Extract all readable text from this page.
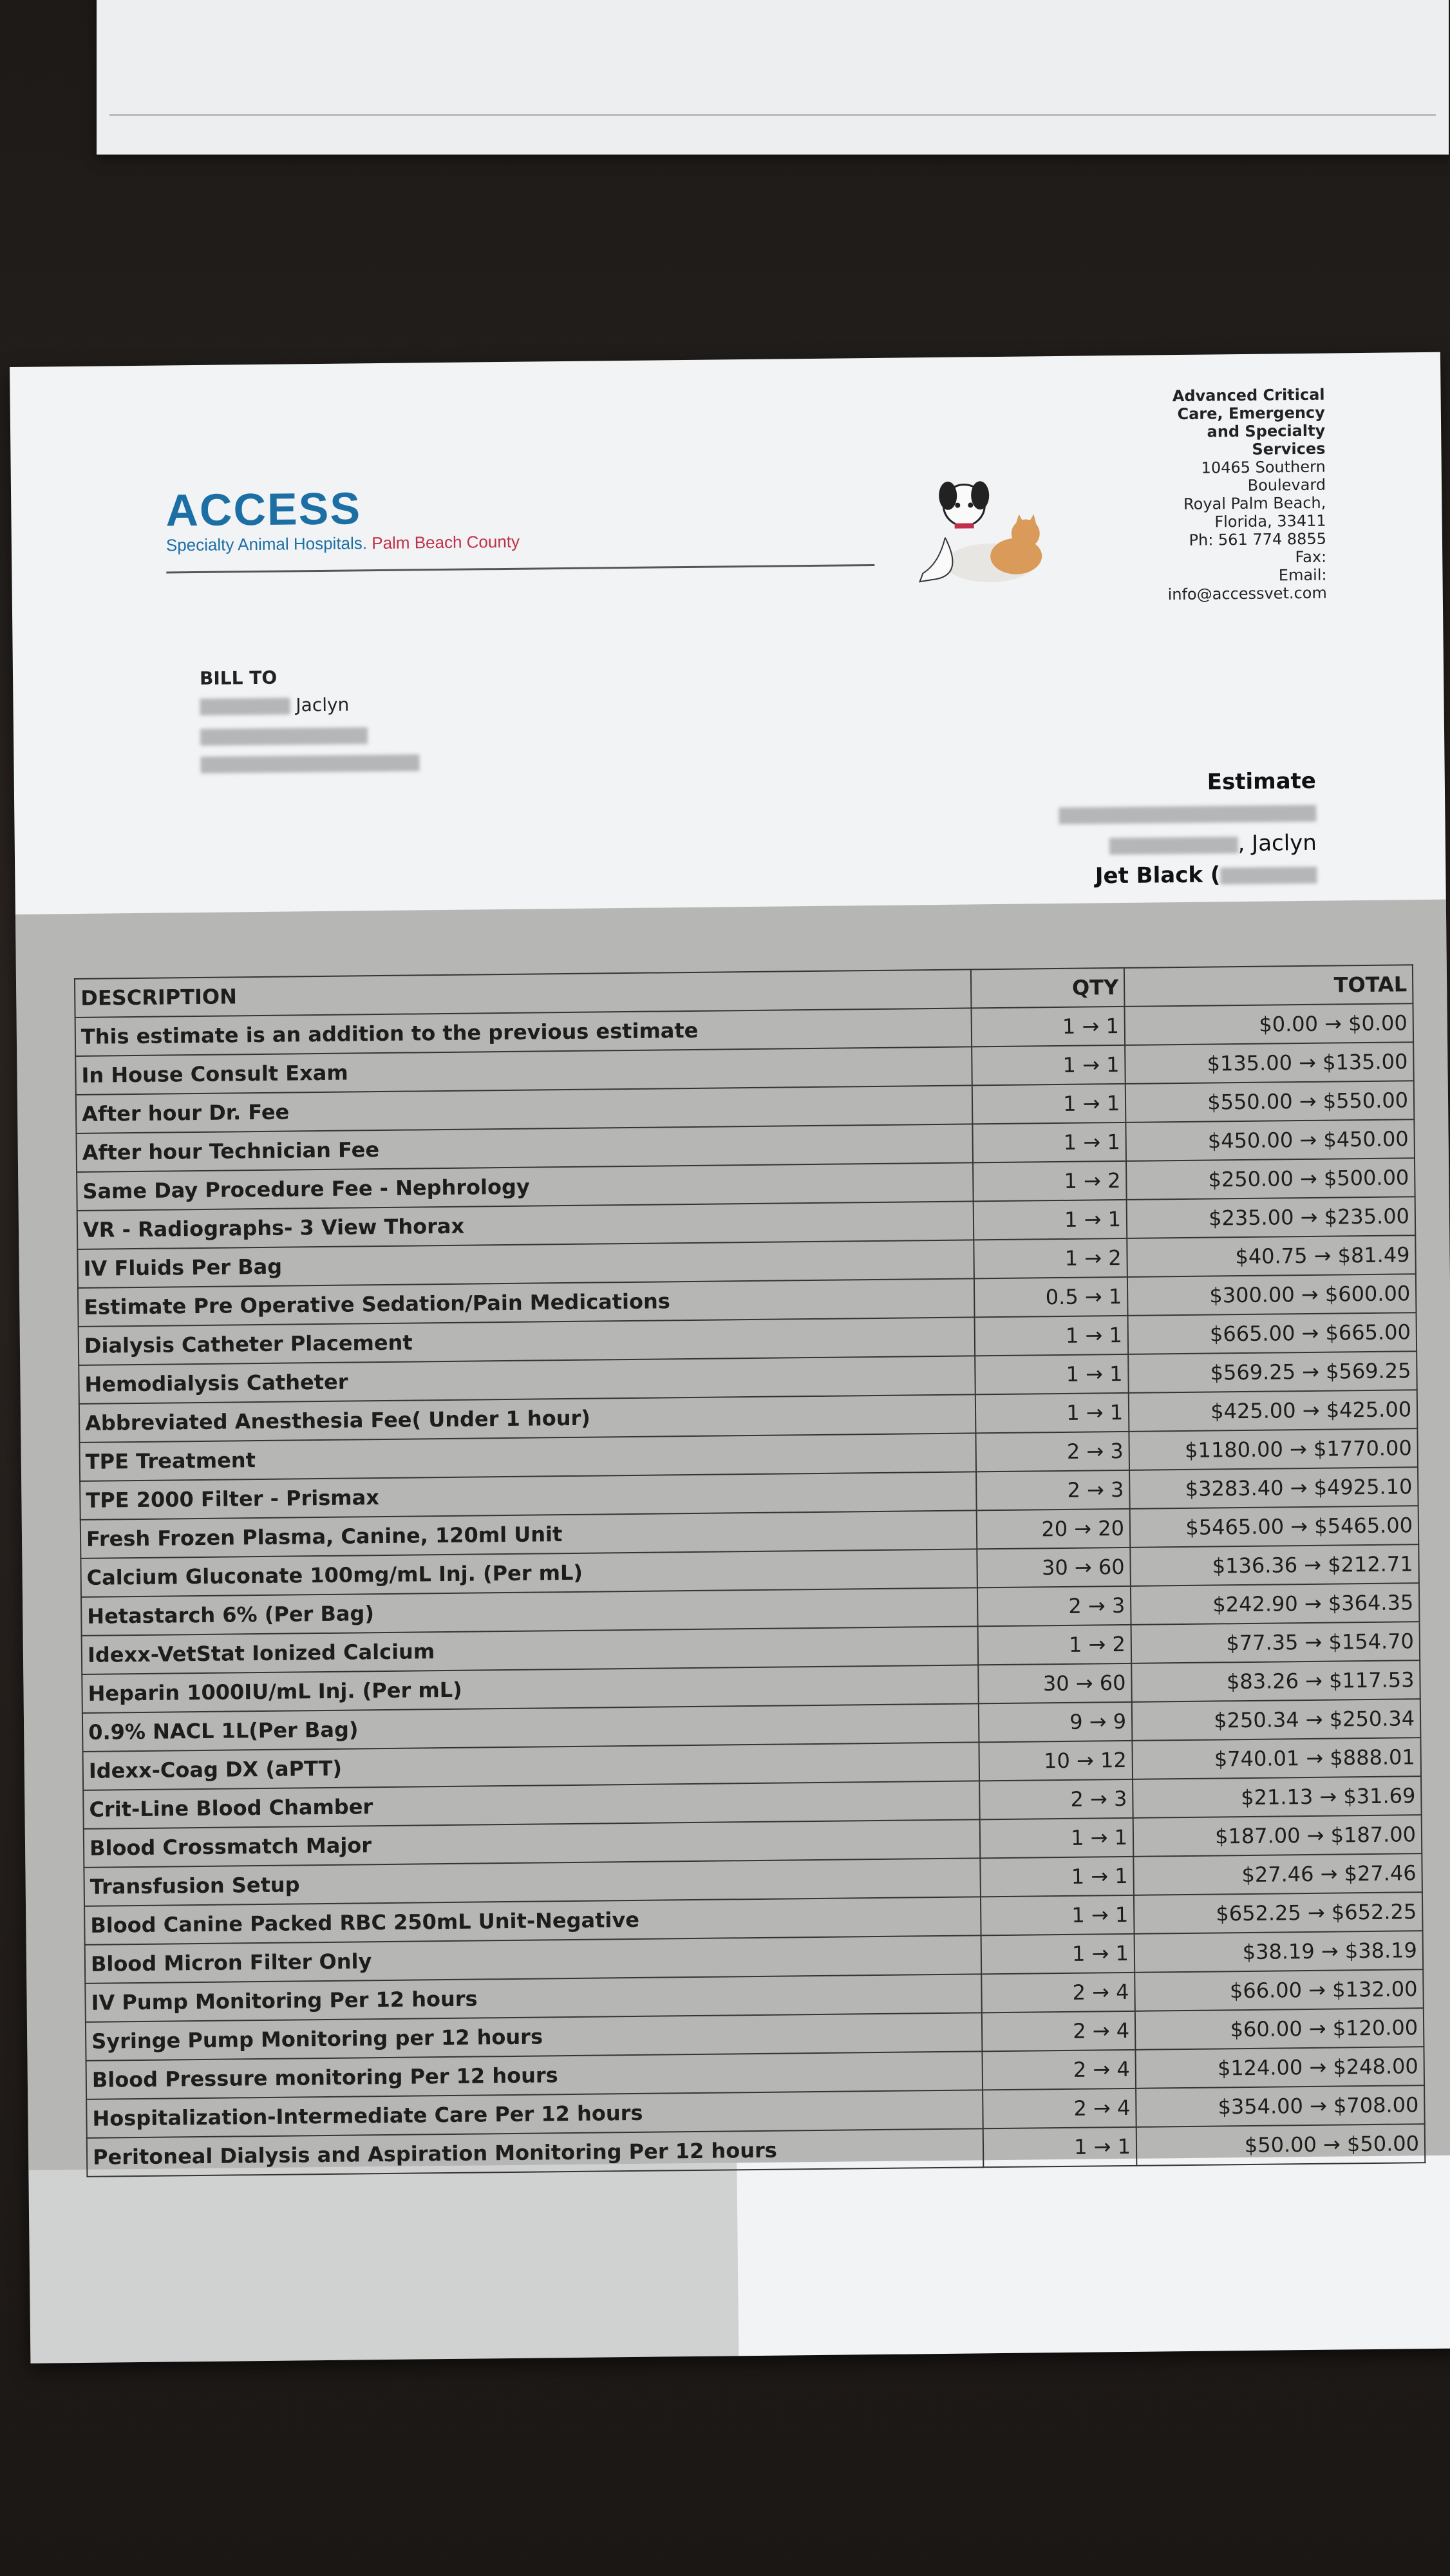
ACCESS
Specialty Animal Hospitals. Palm Beach County
Advanced Critical
Care, Emergency
and Specialty
Services
10465 Southern
Boulevard
Royal Palm Beach,
Florida, 33411
Ph: 561 774 8855
Fax:
Email:
info@accessvet.com
BILL TO
Jaclyn
Estimate
, Jaclyn
Jet Black (
DESCRIPTION	QTY	TOTAL
This estimate is an addition to the previous estimate	1 → 1	$0.00 → $0.00
In House Consult Exam	1 → 1	$135.00 → $135.00
After hour Dr. Fee	1 → 1	$550.00 → $550.00
After hour Technician Fee	1 → 1	$450.00 → $450.00
Same Day Procedure Fee - Nephrology	1 → 2	$250.00 → $500.00
VR - Radiographs- 3 View Thorax	1 → 1	$235.00 → $235.00
IV Fluids Per Bag	1 → 2	$40.75 → $81.49
Estimate Pre Operative Sedation/Pain Medications	0.5 → 1	$300.00 → $600.00
Dialysis Catheter Placement	1 → 1	$665.00 → $665.00
Hemodialysis Catheter	1 → 1	$569.25 → $569.25
Abbreviated Anesthesia Fee( Under 1 hour)	1 → 1	$425.00 → $425.00
TPE Treatment	2 → 3	$1180.00 → $1770.00
TPE 2000 Filter - Prismax	2 → 3	$3283.40 → $4925.10
Fresh Frozen Plasma, Canine, 120ml Unit	20 → 20	$5465.00 → $5465.00
Calcium Gluconate 100mg/mL Inj. (Per mL)	30 → 60	$136.36 → $212.71
Hetastarch 6% (Per Bag)	2 → 3	$242.90 → $364.35
Idexx-VetStat Ionized Calcium	1 → 2	$77.35 → $154.70
Heparin 1000IU/mL Inj. (Per mL)	30 → 60	$83.26 → $117.53
0.9% NACL 1L(Per Bag)	9 → 9	$250.34 → $250.34
Idexx-Coag DX (aPTT)	10 → 12	$740.01 → $888.01
Crit-Line Blood Chamber	2 → 3	$21.13 → $31.69
Blood Crossmatch Major	1 → 1	$187.00 → $187.00
Transfusion Setup	1 → 1	$27.46 → $27.46
Blood Canine Packed RBC 250mL Unit-Negative	1 → 1	$652.25 → $652.25
Blood Micron Filter Only	1 → 1	$38.19 → $38.19
IV Pump Monitoring Per 12 hours	2 → 4	$66.00 → $132.00
Syringe Pump Monitoring per 12 hours	2 → 4	$60.00 → $120.00
Blood Pressure monitoring Per 12 hours	2 → 4	$124.00 → $248.00
Hospitalization-Intermediate Care Per 12 hours	2 → 4	$354.00 → $708.00
Peritoneal Dialysis and Aspiration Monitoring Per 12 hours	1 → 1	$50.00 → $50.00
